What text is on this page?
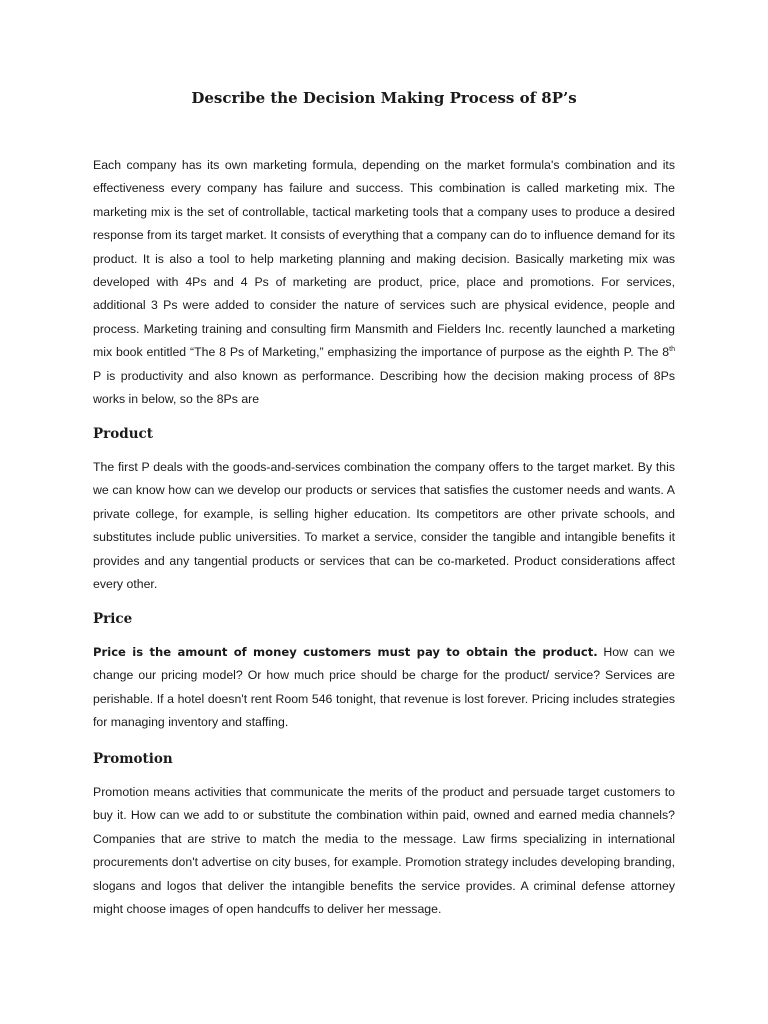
Describe the Decision Making Process of 8P’s

Each company has its own marketing formula, depending on the market formula's combination and its effectiveness every company has failure and success. This combination is called marketing mix. The marketing mix is the set of controllable, tactical marketing tools that a company uses to produce a desired response from its target market. It consists of everything that a company can do to influence demand for its product. It is also a tool to help marketing planning and making decision. Basically marketing mix was developed with 4Ps and 4 Ps of marketing are product, price, place and promotions. For services, additional 3 Ps were added to consider the nature of services such are physical evidence, people and process. Marketing training and consulting firm Mansmith and Fielders Inc. recently launched a marketing mix book entitled “The 8 Ps of Marketing,” emphasizing the importance of purpose as the eighth P. The 8th P is productivity and also known as performance. Describing how the decision making process of 8Ps works in below, so the 8Ps are

Product

The first P deals with the goods-and-services combination the company offers to the target market. By this we can know how can we develop our products or services that satisfies the customer needs and wants. A private college, for example, is selling higher education. Its competitors are other private schools, and substitutes include public universities. To market a service, consider the tangible and intangible benefits it provides and any tangential products or services that can be co-marketed. Product considerations affect every other.

Price

Price is the amount of money customers must pay to obtain the product. How can we change our pricing model? Or how much price should be charge for the product/ service? Services are perishable. If a hotel doesn't rent Room 546 tonight, that revenue is lost forever. Pricing includes strategies for managing inventory and staffing.

Promotion

Promotion means activities that communicate the merits of the product and persuade target customers to buy it. How can we add to or substitute the combination within paid, owned and earned media channels? Companies that are strive to match the media to the message. Law firms specializing in international procurements don't advertise on city buses, for example. Promotion strategy includes developing branding, slogans and logos that deliver the intangible benefits the service provides. A criminal defense attorney might choose images of open handcuffs to deliver her message.
